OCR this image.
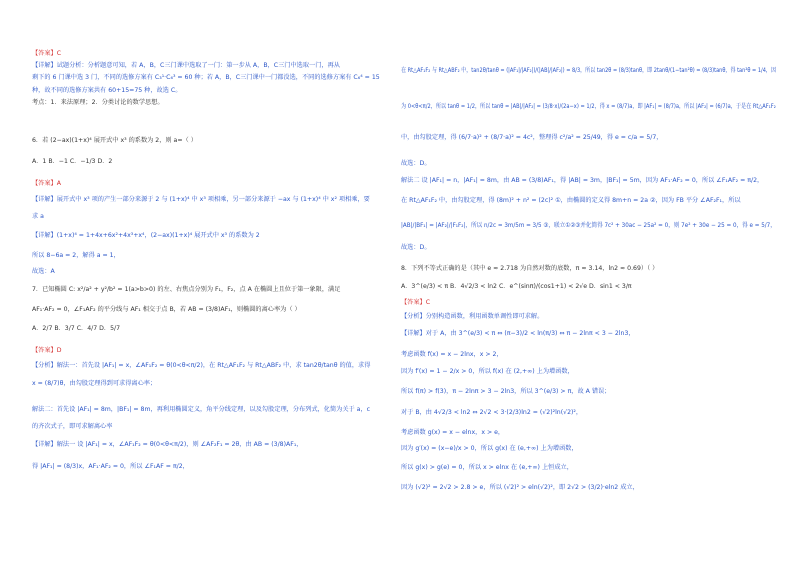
【答案】C
【详解】试题分析：分析题意可知，若 A，B，C三门课中选取了一门：第一步从 A，B，C三门中选取一门，再从
剩下的 6 门课中选 3 门，不同的选修方案有 C₃¹·C₆³ = 60 种；若 A，B，C三门课中一门都没选，不同的选修方案有 C₆⁴ = 15
种，故不同的选修方案共有 60+15=75 种，故选 C。
考点：1．来法原理；2．分类讨论的数学思想。
6．若 (2−ax)(1+x)⁴ 展开式中 x³ 的系数为 2，则 a=（ ）
A．1 B．−1 C．−1/3 D．2
【答案】A
【详解】展开式中 x³ 项的产生一部分来源于 2 与 (1+x)⁴ 中 x³ 项相乘，另一部分来源于 −ax 与 (1+x)⁴ 中 x² 项相乘，要
求 a
【详解】(1+x)⁴ = 1+4x+6x²+4x³+x⁴，(2−ax)(1+x)⁴ 展开式中 x³ 的系数为 2
所以 8−6a = 2，解得 a = 1，
故选：A
7．已知椭圆 C: x²/a² + y²/b² = 1(a>b>0) 的左、右焦点分别为 F₁，F₂，点 A 在椭圆上且位于第一象限，满足
AF₁·AF₂ = 0，∠F₁AF₂ 的平分线与 AF₁ 相交于点 B，若 AB = (3/8)AF₁，则椭圆的离心率为（ ）
A．2/7 B．3/7 C．4/7 D．5/7
【答案】D
【分析】解法一：首先设 |AF₁| = x，∠AF₁F₂ = θ(0<θ<π/2)，在 Rt△AF₁F₂ 与 Rt△ABF₂ 中，求 tan2θ/tanθ 的值，求得
x = (8/7)θ，由勾股定理得到可求得离心率；
解法二：首先设 |AF₁| = 8m，|BF₁| = 8m，再利用椭圆定义，角平分线定理，以及勾股定理，分布列式，化简为关于 a，c
的齐次式子，即可求解离心率
【详解】解法一 设 |AF₁| = x，∠AF₁F₂ = θ(0<θ<π/2)，则 ∠AF₂F₁ = 2θ，由 AB = (3/8)AF₁，
得 |AF₁| = (8/3)x，AF₁·AF₂ = 0，所以 ∠F₁AF = π/2，
在 Rt△AF₁F₂ 与 Rt△ABF₂ 中，tan2θ/tanθ = (|AF₁|/|AF₂|)/(|AB|/|AF₂|) = 8/3，所以 tan2θ = (8/3)tanθ，即 2tanθ/(1−tan²θ) = (8/3)tanθ，得 tan²θ = 1/4，因
为 0<θ<π/2，所以 tanθ = 1/2，所以 tanθ = |AB|/|AF₂| = (3/8·x)/(2a−x) = 1/2，得 x = (8/7)a，即 |AF₁| = (8/7)a，所以 |AF₂| = (6/7)a，于是在 Rt△AF₁F₂
中，由勾股定理，得 (6/7·a)² + (8/7·a)² = 4c²，整理得 c²/a² = 25/49，得 e = c/a = 5/7，
故选：D。
解法二 设 |AF₁| = n，|AF₁| = 8m，由 AB = (3/8)AF₁，得 |AB| = 3m，|BF₁| = 5m，因为 AF₁·AF₂ = 0，所以 ∠F₁AF₂ = π/2，
在 Rt△AF₁F₂ 中，由勾股定理，得 (8m)² + n² = (2c)² ①，由椭圆的定义得 8m+n = 2a ②，因为 FB 平分 ∠AF₂F₁，所以
|AB|/|BF₁| = |AF₂|/|F₁F₂|，所以 n/2c = 3m/5m = 3/5 ③，联立①②③并化简得 7c² + 30ac − 25a² = 0，则 7e² + 30e − 25 = 0，得 e = 5/7，
故选：D。
8．下列不等式正确的是（其中 e ≈ 2.718 为自然对数的底数，π ≈ 3.14，ln2 ≈ 0.69）（ ）
A．3^(e/3) < π B．4√2/3 < ln2 C．e^(sinπ)/(cos1+1) < 2√e D．sin1 < 3/π
【答案】C
【分析】分别构造函数，利用函数单调性即可求解。
【详解】对于 A，由 3^(e/3) < π ⇔ (π−3)/2 < ln(π/3) ⇔ π − 2lnπ < 3 − 2ln3，
考虑函数 f(x) = x − 2lnx，x > 2，
因为 f′(x) = 1 − 2/x > 0，所以 f(x) 在 (2,+∞) 上为增函数，
所以 f(π) > f(3)，π − 2lnπ > 3 − 2ln3，所以 3^(e/3) > π，故 A 错误；
对于 B，由 4√2/3 < ln2 ⇔ 2√2 < 3·(2/3)ln2 = (√2)²ln(√2)²，
考虑函数 g(x) = x − elnx，x > e，
因为 g′(x) = (x−e)/x > 0，所以 g(x) 在 (e,+∞) 上为增函数，
所以 g(x) > g(e) = 0，所以 x > elnx 在 (e,+∞) 上恒成立，
因为 (√2)² = 2√2 > 2.8 > e，所以 (√2)² > eln(√2)²，即 2√2 > (3/2)·eln2 成立，
